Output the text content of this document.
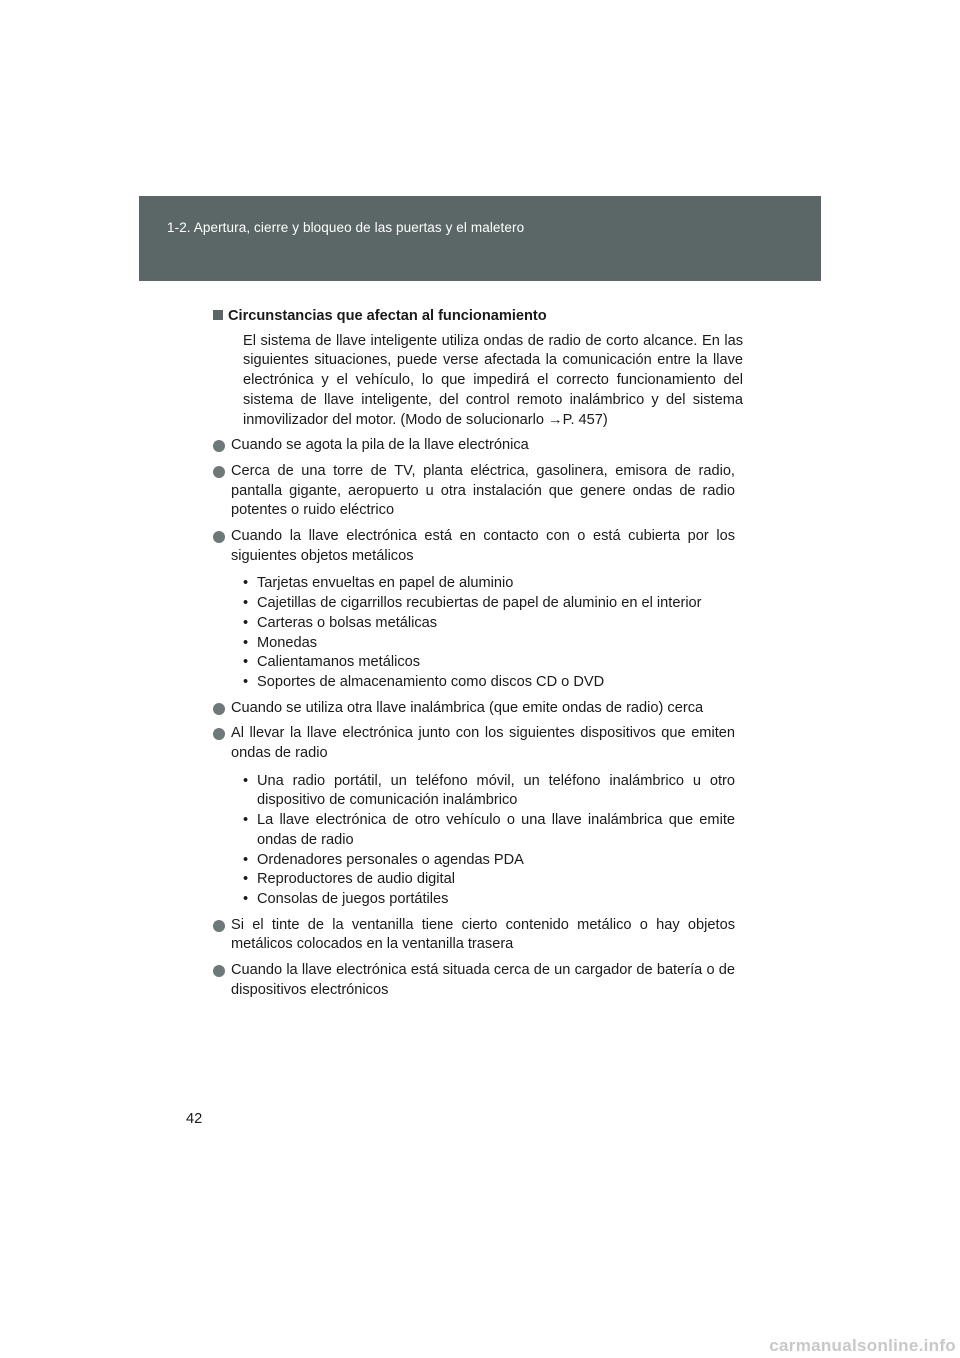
1-2. Apertura, cierre y bloqueo de las puertas y el maletero
Circunstancias que afectan al funcionamiento

El sistema de llave inteligente utiliza ondas de radio de corto alcance. En las siguientes situaciones, puede verse afectada la comunicación entre la llave electrónica y el vehículo, lo que impedirá el correcto funcionamiento del sistema de llave inteligente, del control remoto inalámbrico y del sistema inmovilizador del motor. (Modo de solucionarlo →P. 457)

Cuando se agota la pila de la llave electrónica
Cerca de una torre de TV, planta eléctrica, gasolinera, emisora de radio, pantalla gigante, aeropuerto u otra instalación que genere ondas de radio potentes o ruido eléctrico
Cuando la llave electrónica está en contacto con o está cubierta por los siguientes objetos metálicos
• Tarjetas envueltas en papel de aluminio
• Cajetillas de cigarrillos recubiertas de papel de aluminio en el interior
• Carteras o bolsas metálicas
• Monedas
• Calientamanos metálicos
• Soportes de almacenamiento como discos CD o DVD
Cuando se utiliza otra llave inalámbrica (que emite ondas de radio) cerca
Al llevar la llave electrónica junto con los siguientes dispositivos que emiten ondas de radio
• Una radio portátil, un teléfono móvil, un teléfono inalámbrico u otro dispositivo de comunicación inalámbrico
• La llave electrónica de otro vehículo o una llave inalámbrica que emite ondas de radio
• Ordenadores personales o agendas PDA
• Reproductores de audio digital
• Consolas de juegos portátiles
Si el tinte de la ventanilla tiene cierto contenido metálico o hay objetos metálicos colocados en la ventanilla trasera
Cuando la llave electrónica está situada cerca de un cargador de batería o de dispositivos electrónicos
42
carmanualsonline.info
